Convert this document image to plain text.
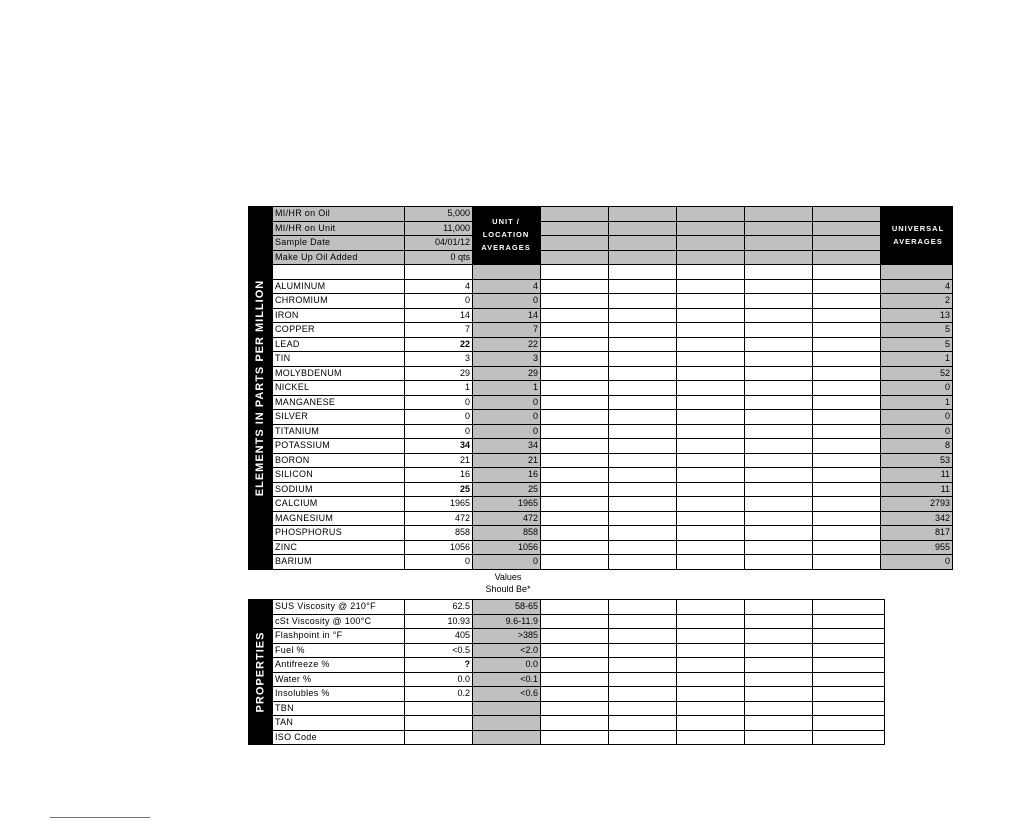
ELEMENTS IN PARTS PER MILLION
MI/HR on Oil	5,000							
MI/HR on Unit	11,000							
Sample Date	04/01/12							
Make Up Oil Added	0 qts							

ALUMINUM	4	4						4
CHROMIUM	0	0						2
IRON	14	14						13
COPPER	7	7						5
LEAD	22	22						5
TIN	3	3						1
MOLYBDENUM	29	29						52
NICKEL	1	1						0
MANGANESE	0	0						1
SILVER	0	0						0
TITANIUM	0	0						0
POTASSIUM	34	34						8
BORON	21	21						53
SILICON	16	16						11
SODIUM	25	25						11
CALCIUM	1965	1965						2793
MAGNESIUM	472	472						342
PHOSPHORUS	858	858						817
ZINC	1056	1056						955
BARIUM	0	0						0
UNIT /
LOCATION
AVERAGES
UNIVERSAL
AVERAGES
Values
Should Be*
PROPERTIES
SUS Viscosity @ 210°F	62.5	58-65					
cSt Viscosity @ 100°C	10.93	9.6-11.9					
Flashpoint in °F	405	>385					
Fuel %	<0.5	<2.0					
Antifreeze %	?	0.0					
Water %	0.0	<0.1					
Insolubles %	0.2	<0.6					
TBN							
TAN							
ISO Code							
